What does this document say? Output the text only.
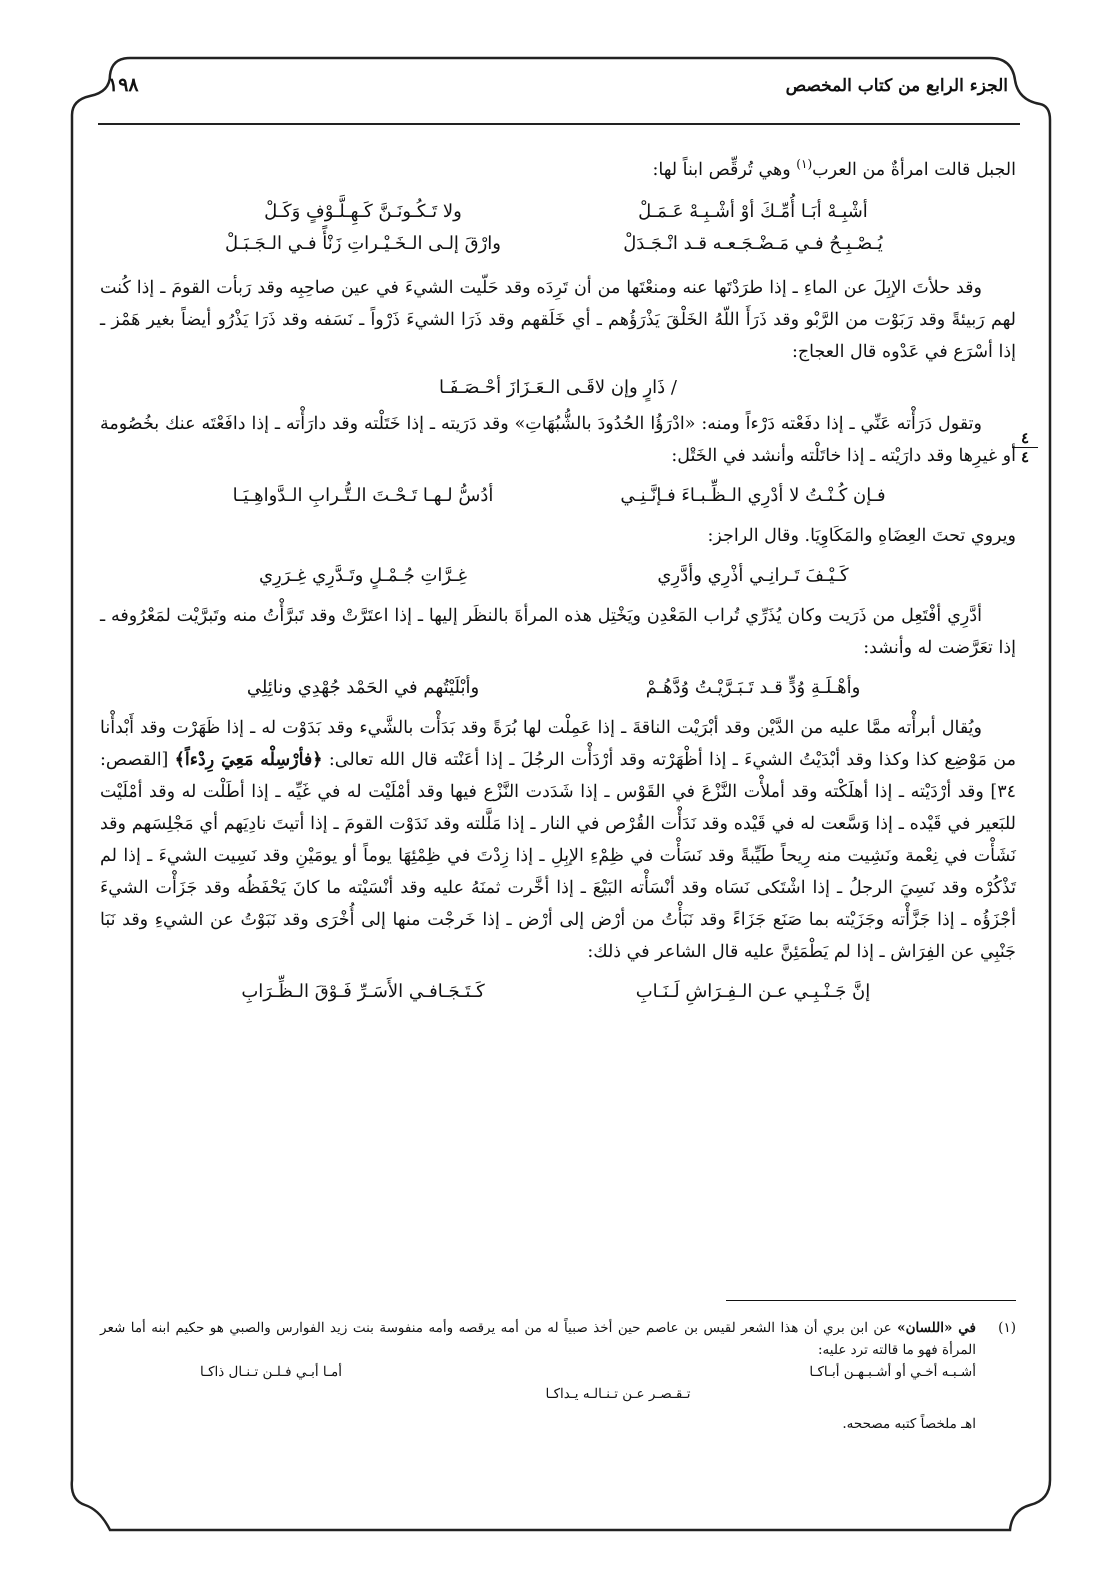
الجزء الرابع من كتاب المخصص
١٩٨
٤
٤

الجبل قالت امرأةٌ من العرب$^{(١)}$ وهي تُرقِّص ابناً لها:

أشْبِـهْ أبَـا أُمِّـكَ أوْ أشْـبِـهْ عَـمَـلْ
ولا تَـكُـونَـنَّ كَـهِـلَّـوْفٍ وَكَـلْ
يُـصْـبِـحُ فـي مَـضْـجَـعـه قـد انْـجَـدَلْ
وارْقَ إلـى الـخَـيْـراتِ زَنْأً فـي الـجَـبَـلْ

وقد حلأتَ الإبِلَ عن الماءِ ـ إذا طرَدْتَها عنه ومنعْتَها من أن تَرِدَه وقد حَلّيت الشيءَ في عين صاحِبِه وقد رَبأت القومَ ـ إذا كُنت لهم رَبيئةً وقد رَبَوْت من الرَّبْو وقد ذَرَأَ اللّهُ الخَلْقَ يَذْرَؤُهم ـ أي خَلَقهم وقد ذَرَا الشيءَ ذَرْواً ـ نَسَفه وقد ذَرَا يَذْرُو أيضاً بغير هَمْز ـ إذا أسْرَع في عَدْوه قال العجاج:

/ ذَارٍ وإن لاقَـى الـعَـزَازَ أحْـصَـفَـا

وتقول دَرَأْته عَنِّي ـ إذا دفَعْته دَرْءاً ومنه: «ادْرَؤُا الحُدُودَ بالشُّبُهَاتِ» وقد دَرَيته ـ إذا خَتَلْته وقد دارَأْته ـ إذا دافَعْتَه عنك بخُصُومة أو غيرِها وقد دارَيْته ـ إذا خاتَلْته وأنشد في الخَتْل:

فـإن كُـنْـتُ لا أدْرِي الـظِّـبـاءَ فـإنَّـنِـي
أدُسُّ لـهـا تَـحْـتَ الـتُّـرابِ الـدَّواهِـيَـا

ويروي تحتَ العِضَاهِ والمَكَاوِيَا. وقال الراجز:

كَـيْـفَ تَـرانِـي أذْرِي وأدَّرِي
غِـرَّاتِ جُـمْـلٍ وتَـدَّرِي غِـرَرِي

أدَّرِي أفْتَعِل من ذَرَيت وكان يُذَرِّي تُراب المَعْدِن ويَخْتِل هذه المرأةَ بالنظَر إليها ـ إذا اعتَرَّتْ وقد تَبرَّأْتُ منه وتَبرَّيْت لمَعْرُوفه ـ إذا تعَرَّضت له وأنشد:

وأهْـلَـةِ وُدٍّ قـد تَـبَـرَّيْـتُ وُدَّهُـمْ
وأبْلَيْتُهم في الحَمْد جُهْدِي ونائِلِي

ويُقال أبرأْته ممَّا عليه من الدَّيْن وقد أبْرَيْت الناقةَ ـ إذا عَمِلْت لها بُرَةً وقد بَدَأْت بالشَّيء وقد بَدَوْت له ـ إذا ظَهَرْت وقد أَبْدأْنا من مَوْضِع كذا وكذا وقد أبْدَيْتُ الشيءَ ـ إذا أظْهَرْته وقد أرْدَأْت الرجُلَ ـ إذا أعَنْته قال الله تعالى: ﴿فأرْسِلْه مَعِيَ رِدْءاً﴾ [القصص: ٣٤] وقد أرْدَيْته ـ إذا أهلَكْته وقد أملأْت النَّزْعَ في القَوْس ـ إذا شَدَدت النَّزْع فيها وقد أمْلَيْت له في غَيِّه ـ إذا أطَلْت له وقد أمْلَيْت للبَعير في قَيْده ـ إذا وَسَّعت له في قَيْده وقد نَدَأْت القُرْص في النار ـ إذا مَلَّلته وقد نَدَوْت القومَ ـ إذا أتيتَ نادِيَهم أي مَجْلِسَهم وقد نَشَأْت في نِعْمة ونَشِيت منه رِيحاً طَيِّبةً وقد نَسَأْت في ظِمْءِ الإبِلِ ـ إذا زِدْتَ في ظِمْئِهَا يوماً أو يومَيْنِ وقد نَسِيت الشيءَ ـ إذا لم تَذْكُرْه وقد نَسِيَ الرجلُ ـ إذا اشْتَكى نَسَاه وقد أنْسَأْته البَيْعَ ـ إذا أخَّرت ثمنَهُ عليه وقد أنْسَيْته ما كانَ يَحْفَظُه وقد جَزَأْت الشيءَ أجْزَؤُه ـ إذا جَزَّأْته وجَزَيْته بما صَنَع جَزَاءً وقد نَبَأْتُ من أرْض إلى أرْض ـ إذا خَرجْت منها إلى أُخْرَى وقد نَبَوْتُ عن الشيءِ وقد نَبَا جَنْبِي عن الفِرَاش ـ إذا لم يَطْمَئِنَّ عليه قال الشاعر في ذلك:

إنَّ جَـنْـبِـي عـن الـفِـرَاشِ لَـنَـابِ
كَـتَـجَـافـي الأَسَـرِّ فَـوْقَ الـظِّـرَابِ
(١)
في «اللسان» عن ابن بري أن هذا الشعر لقيس بن عاصم حين أخذ صبياً له من أمه يرقصه وأمه منفوسة بنت زيد الفوارس والصبي هو حكيم ابنه أما شعر المرأة فهو ما قالته ترد عليه:
أشـبـه أخـي أو أشـبـهـن أبـاكـا
أمـا أبـي فـلـن تـنـال ذاكـا
تـقـصـر عـن تـنـالـه يـداكـا
اهـ ملخصاً كتبه مصححه.
